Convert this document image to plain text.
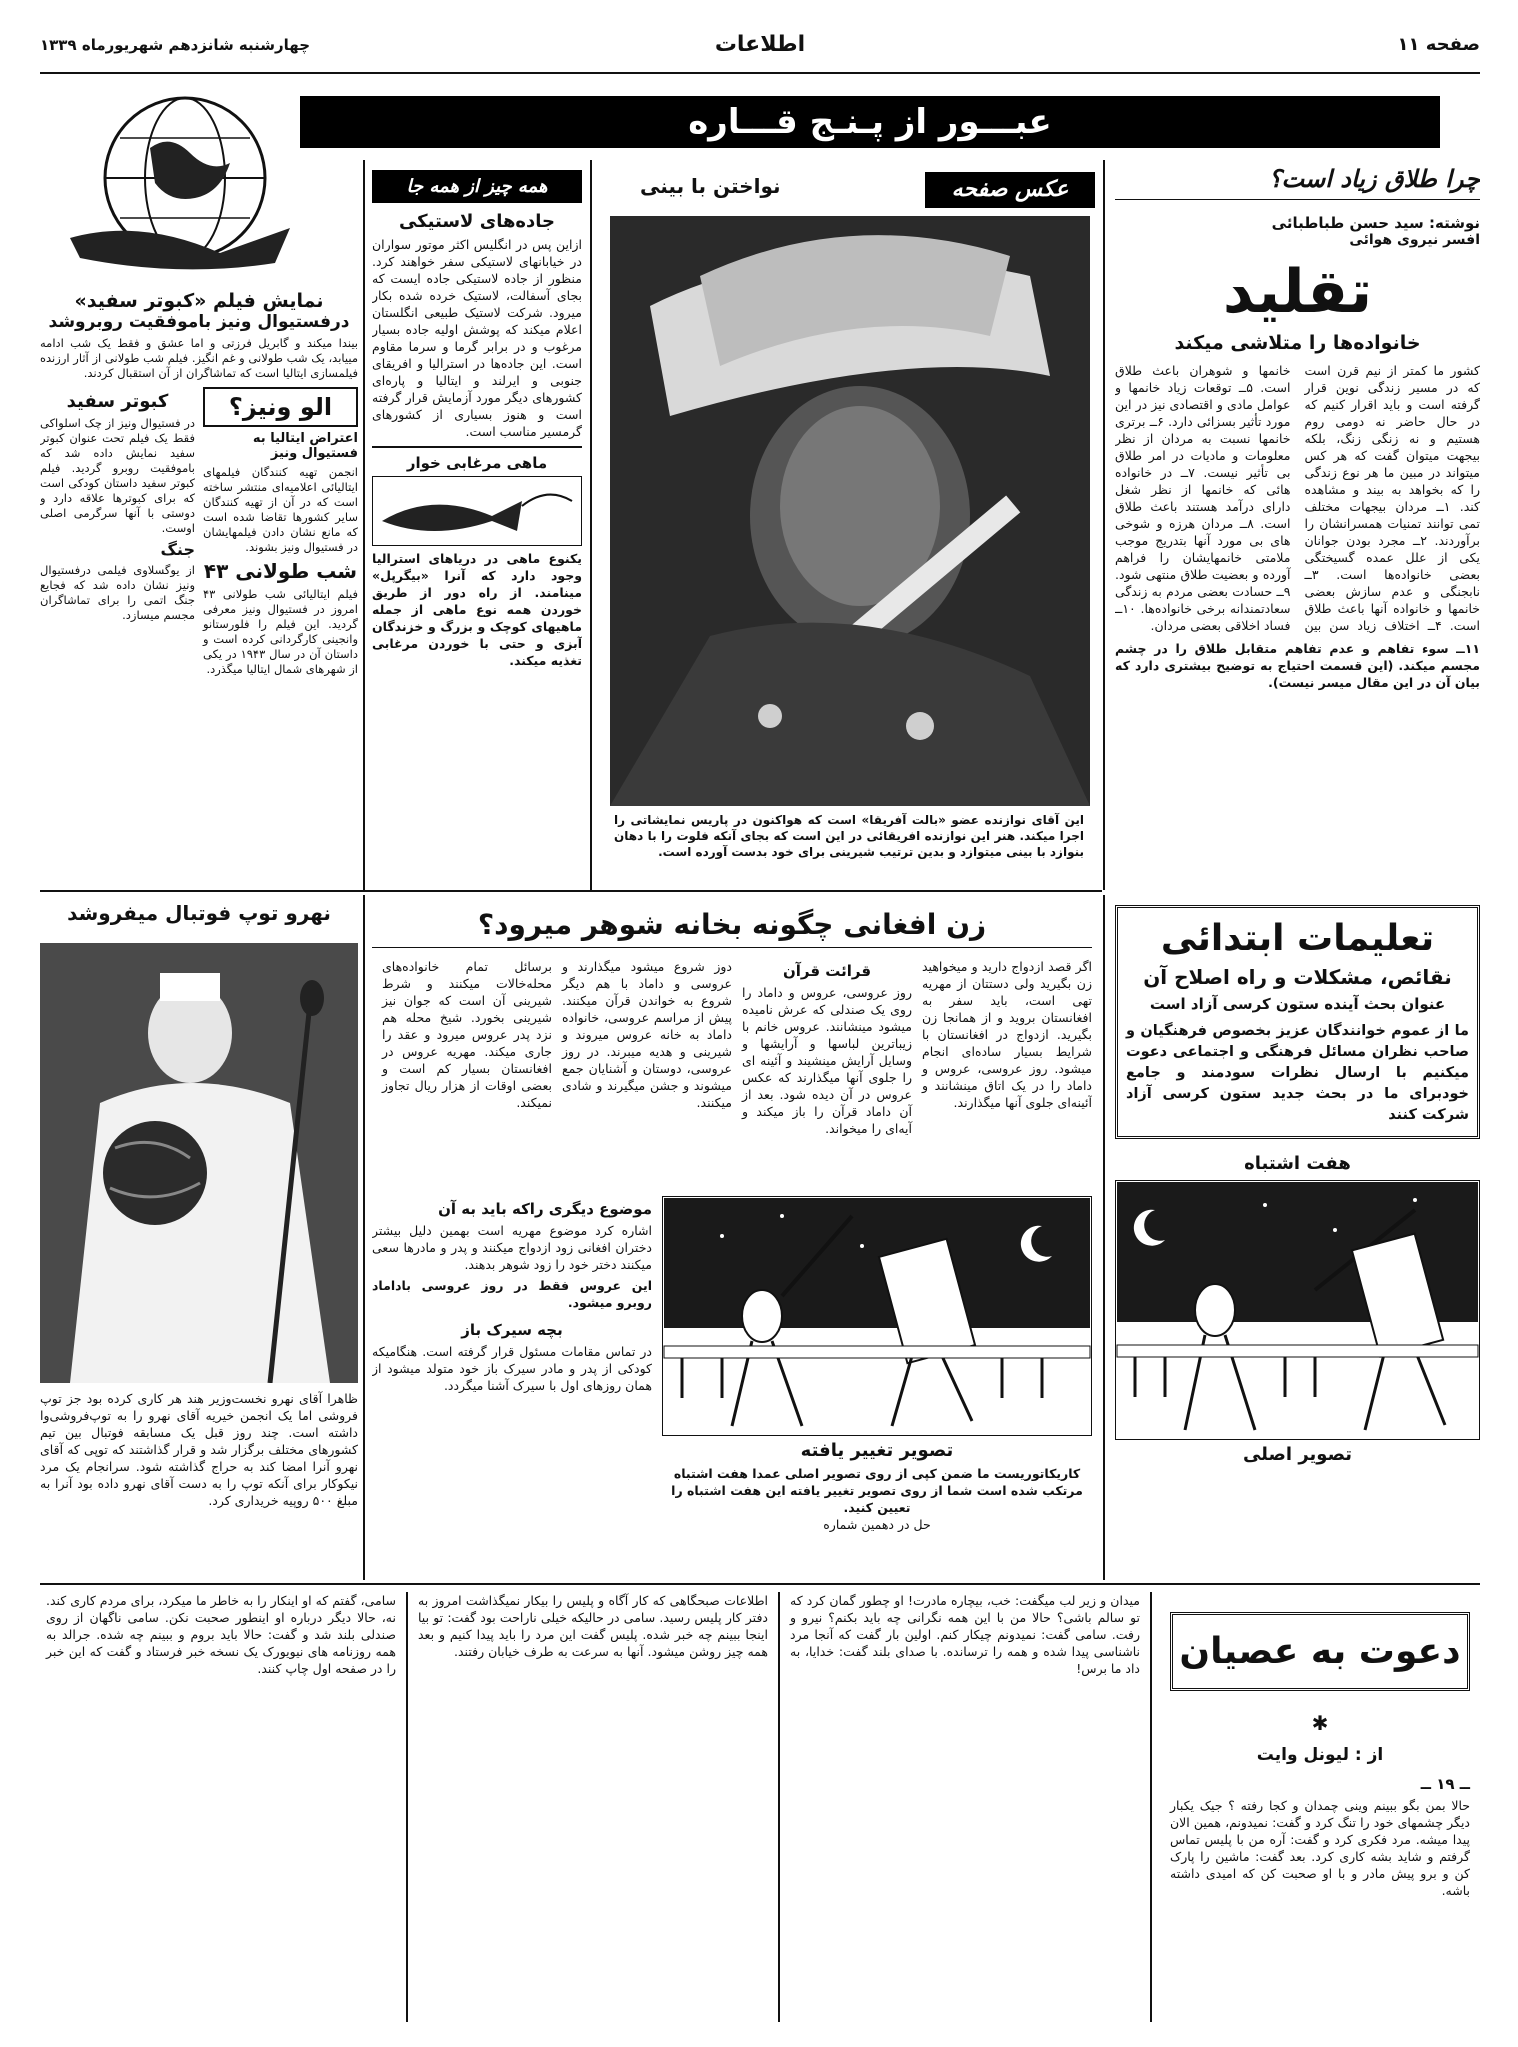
صفحه ۱۱
اطلاعات
چهارشنبه شانزدهم شهریورماه ۱۳۳۹
عبـــور از پـنـج قـــاره
چرا طلاق زیاد است؟
نوشته: سید حسن طباطبائی
افسر نیروی هوائی
تقلید
خانواده‌ها را متلاشی میکند
کشور ما کمتر از نیم قرن است که در مسیر زندگی نوین قرار گرفته است و باید اقرار کنیم که در حال حاضر نه دومی روم هستیم و نه زنگی زنگ، بلکه بیجهت میتوان گفت که هر کس میتواند در مبین ما هر نوع زندگی را که بخواهد به بیند و مشاهده کند. ۱ــ مردان بیجهات مختلف تمی توانند تمنیات همسرانشان را برآوردند. ۲ــ مجرد بودن جوانان یکی از علل عمده گسیختگی بعضی خانواده‌ها است. ۳ــ نابجنگی و عدم سازش بعضی خانمها و خانواده آنها باعث طلاق است. ۴ــ اختلاف زیاد سن بین خانمها و شوهران باعث طلاق است. ۵ــ توقعات زیاد خانمها و عوامل مادی و اقتصادی نیز در این مورد تأثیر بسزائی دارد. ۶ــ برتری خانمها نسبت به مردان از نظر معلومات و مادیات در امر طلاق بی تأثیر نیست. ۷ــ در خانواده هائی که خانمها از نظر شغل دارای درآمد هستند باعث طلاق است. ۸ــ مردان هرزه و شوخی های بی مورد آنها بتدریج موجب ملامتی خانمهایشان را فراهم آورده و بعضیت طلاق منتهی شود. ۹ــ حسادت بعضی مردم به زندگی سعادتمندانه برخی خانواده‌ها. ۱۰ــ فساد اخلاقی بعضی مردان.
۱۱ــ سوء تفاهم و عدم تفاهم متقابل طلاق را در چشم مجسم میکند. (این قسمت احتیاج به توضیح بیشتری دارد که بیان آن در این مقال میسر نیست).
عکس صفحه
نواختن با بینی
این آقای نوازنده عضو «بالت آفریقا» است که هواکنون در پاریس نمایشاتی را اجرا میکند. هنر این نوازنده افریقائی در این است که بجای آنکه فلوت را با دهان بنوازد با بینی میتوازد و بدین ترتیب شیرینی برای خود بدست آورده است.
همه چیز از همه جا
جاده‌های لاستیکی
ازاین پس در انگلیس اکثر موتور سواران در خیابانهای لاستیکی سفر خواهند کرد. منظور از جاده لاستیکی جاده ایست که بجای آسفالت، لاستیک خرده شده بکار میرود. شرکت لاستیک طبیعی انگلستان اعلام میکند که پوشش اولیه جاده بسیار مرغوب و در برابر گرما و سرما مقاوم است. این جاده‌ها در استرالیا و افریقای جنوبی و ایرلند و ایتالیا و پاره‌ای کشورهای دیگر مورد آزمایش قرار گرفته است و هنوز بسیاری از کشورهای گرمسیر مناسب است.
ماهی مرغابی خوار
یکنوع ماهی در دریاهای استرالیا وجود دارد که آنرا «بیگرپل» مینامند. از راه دور از طریق خوردن همه نوع ماهی از جمله ماهیهای کوچک و بزرگ و خزندگان آبزی و حتی با خوردن مرغابی تغذیه میکند.
نمایش فیلم «کبوتر سفید»
درفستیوال ونیز باموفقیت روبروشد
بیندا میکند و گابریل فرزتی و اما عشق و فقط یک شب ادامه مییابد، یک شب طولانی و غم انگیز. فیلم شب طولانی از آثار ارزنده فیلمسازی ایتالیا است که تماشاگران از آن استقبال کردند.
الو ونیز؟
اعتراض ایتالیا به فستیوال ونیز
انجمن تهیه کنندگان فیلمهای ایتالیائی اعلامیه‌ای منتشر ساخته است که در آن از تهیه کنندگان سایر کشورها تقاضا شده است که مانع نشان دادن فیلمهایشان در فستیوال ونیز بشوند.
شب طولانی ۴۳
فیلم ایتالیائی شب طولانی ۴۳ امروز در فستیوال ونیز معرفی گردید. این فیلم را فلورستانو وانجینی کارگردانی کرده است و داستان آن در سال ۱۹۴۳ در یکی از شهرهای شمال ایتالیا میگذرد.
کبوتر سفید
در فستیوال ونیز از چک اسلواکی فقط یک فیلم تحت عنوان کبوتر سفید نمایش داده شد که باموفقیت روبرو گردید. فیلم کبوتر سفید داستان کودکی است که برای کبوترها علاقه دارد و دوستی با آنها سرگرمی اصلی اوست.
جنگ
از یوگسلاوی فیلمی درفستیوال ونیز نشان داده شد که فجایع جنگ اتمی را برای تماشاگران مجسم میسازد.
نهرو توپ فوتبال میفروشد
ظاهرا آقای نهرو نخست‌وزیر هند هر کاری کرده بود جز توپ فروشی اما یک انجمن خیریه آقای نهرو را به توپ‌فروشی‌وا داشته است. چند روز قبل یک مسابقه فوتبال بین تیم کشورهای مختلف برگزار شد و قرار گذاشتند که توپی که آقای نهرو آنرا امضا کند به حراج گذاشته شود. سرانجام یک مرد نیکوکار برای آنکه توپ را به دست آقای نهرو داده بود آنرا به مبلغ ۵۰۰ روپیه خریداری کرد.
زن افغانی چگونه بخانه شوهر میرود؟
اگر قصد ازدواج دارید و میخواهید زن بگیرید ولی دستتان از مهریه تهی است، باید سفر به افغانستان بروید و از همانجا زن بگیرید. ازدواج در افغانستان با شرایط بسیار ساده‌ای انجام میشود. روز عروسی، عروس و داماد را در یک اتاق مینشانند و آئینه‌ای جلوی آنها میگذارند.
قرائت قرآن
روز عروسی، عروس و داماد را روی یک صندلی که عرش نامیده میشود مینشانند. عروس خانم با زیباترین لباسها و آرایشها و وسایل آرایش مینشیند و آئینه ای را جلوی آنها میگذارند که عکس عروس در آن دیده شود. بعد از آن داماد قرآن را باز میکند و آیه‌ای را میخواند.
دوز شروع میشود میگذارند و عروسی و داماد با هم دیگر شروع به خواندن قرآن میکنند. پیش از مراسم عروسی، خانواده داماد به خانه عروس میروند و شیرینی و هدیه میبرند. در روز عروسی، دوستان و آشنایان جمع میشوند و جشن میگیرند و شادی میکنند.
برسائل تمام خانواده‌های محله‌خالات میکنند و شرط شیرینی آن است که جوان نیز شیرینی بخورد. شیخ محله هم نزد پدر عروس میرود و عقد را جاری میکند. مهریه عروس در افغانستان بسیار کم است و بعضی اوقات از هزار ریال تجاوز نمیکند.
تصویر تغییر یافته
کاریکاتوریست ما ضمن کپی از روی تصویر اصلی عمدا هفت اشتباه مرتکب شده است شما از روی تصویر تغییر یافته این هفت اشتباه را تعیین کنید.
حل در دهمین شماره
موضوع دیگری راکه باید به آن
اشاره کرد موضوع مهریه است بهمین دلیل بیشتر دختران افغانی زود ازدواج میکنند و پدر و مادرها سعی میکنند دختر خود را زود شوهر بدهند.
این عروس فقط در روز عروسی باداماد روبرو میشود.
بچه سیرک باز
در تماس مقامات مسئول قرار گرفته است. هنگامیکه کودکی از پدر و مادر سیرک باز خود متولد میشود از همان روزهای اول با سیرک آشنا میگردد.
تعلیمات ابتدائی
نقائص، مشکلات و راه اصلاح آن
عنوان بحث آینده ستون کرسی آزاد است
ما از عموم خوانندگان عزیز بخصوص فرهنگیان و صاحب نظران مسائل فرهنگی و اجتماعی دعوت میکنیم با ارسال نظرات سودمند و جامع خودبرای ما در بحث جدید ستون کرسی آزاد شرکت کنند
هفت اشتباه
تصویر اصلی
دعوت به عصیان
✱
از : لیونل وایت
ــ ۱۹ ــ
حالا بمن بگو ببینم وینی چمدان و کجا رفته ؟ جیک یکبار دیگر چشمهای خود را تنگ کرد و گفت: نمیدونم، همین الان پیدا میشه. مرد فکری کرد و گفت: آره من با پلیس تماس گرفتم و شاید بشه کاری کرد. بعد گفت: ماشین را پارک کن و برو پیش مادر و با او صحبت کن که امیدی داشته باشه.
میدان و زیر لب میگفت: خب، بیچاره مادرت! او چطور گمان کرد که تو سالم باشی؟ حالا من با این همه نگرانی چه باید بکنم؟ نیرو و رفت. سامی گفت: نمیدونم چیکار کنم. اولین بار گفت که آنجا مرد ناشناسی پیدا شده و همه را ترسانده. با صدای بلند گفت: خدایا، به داد ما برس!
اطلاعات صبحگاهی که کار آگاه و پلیس را بیکار نمیگذاشت امروز به دفتر کار پلیس رسید. سامی در حالیکه خیلی ناراحت بود گفت: تو بیا اینجا ببینم چه خبر شده. پلیس گفت این مرد را باید پیدا کنیم و بعد همه چیز روشن میشود. آنها به سرعت به طرف خیابان رفتند.
سامی، گفتم که او اینکار را به خاطر ما میکرد، برای مردم کاری کند. نه، حالا دیگر درباره او اینطور صحبت نکن. سامی ناگهان از روی صندلی بلند شد و گفت: حالا باید بروم و ببینم چه شده. جرالد به همه روزنامه های نیویورک یک نسخه خبر فرستاد و گفت که این خبر را در صفحه اول چاپ کنند.
